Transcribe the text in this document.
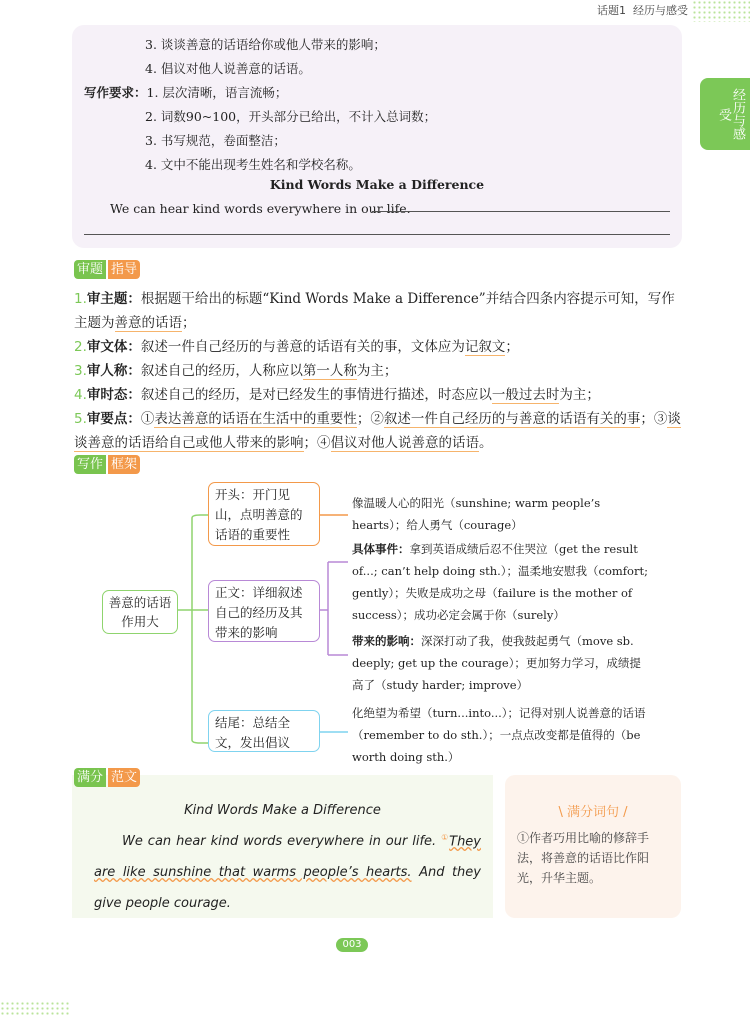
话题1 经历与感受
经历与感受
3. 谈谈善意的话语给你或他人带来的影响；
4. 倡议对他人说善意的话语。
写作要求：1. 层次清晰，语言流畅；
2. 词数90~100，开头部分已给出，不计入总词数；
3. 书写规范，卷面整洁；
4. 文中不能出现考生姓名和学校名称。
Kind Words Make a Difference
We can hear kind words everywhere in our life.
审题 指导
1.审主题：根据题干给出的标题“Kind Words Make a Difference”并结合四条内容提示可知，写作主题为善意的话语；
2.审文体：叙述一件自己经历的与善意的话语有关的事，文体应为记叙文；
3.审人称：叙述自己的经历，人称应以第一人称为主；
4.审时态：叙述自己的经历，是对已经发生的事情进行描述，时态应以一般过去时为主；
5.审要点：①表达善意的话语在生活中的重要性；②叙述一件自己经历的与善意的话语有关的事；③谈谈善意的话语给自己或他人带来的影响；④倡议对他人说善意的话语。
写作 框架
善意的话语作用大
开头：开门见山，点明善意的话语的重要性
正文：详细叙述自己的经历及其带来的影响
结尾：总结全文，发出倡议
像温暖人心的阳光（sunshine; warm people’s hearts）；给人勇气（courage）
具体事件：拿到英语成绩后忍不住哭泣（get the result of...; can’t help doing sth.）；温柔地安慰我（comfort; gently）；失败是成功之母（failure is the mother of success）；成功必定会属于你（surely）
带来的影响：深深打动了我，使我鼓起勇气（move sb. deeply; get up the courage）；更加努力学习，成绩提高了（study harder; improve）
化绝望为希望（turn...into...）；记得对别人说善意的话语（remember to do sth.）；一点点改变都是值得的（be worth doing sth.）
Kind Words Make a Difference
We can hear kind words everywhere in our life. ①They are like sunshine that warms people’s hearts. And they give people courage.
满分 范文
\ 满分词句 /
①作者巧用比喻的修辞手法，将善意的话语比作阳光，升华主题。
003
